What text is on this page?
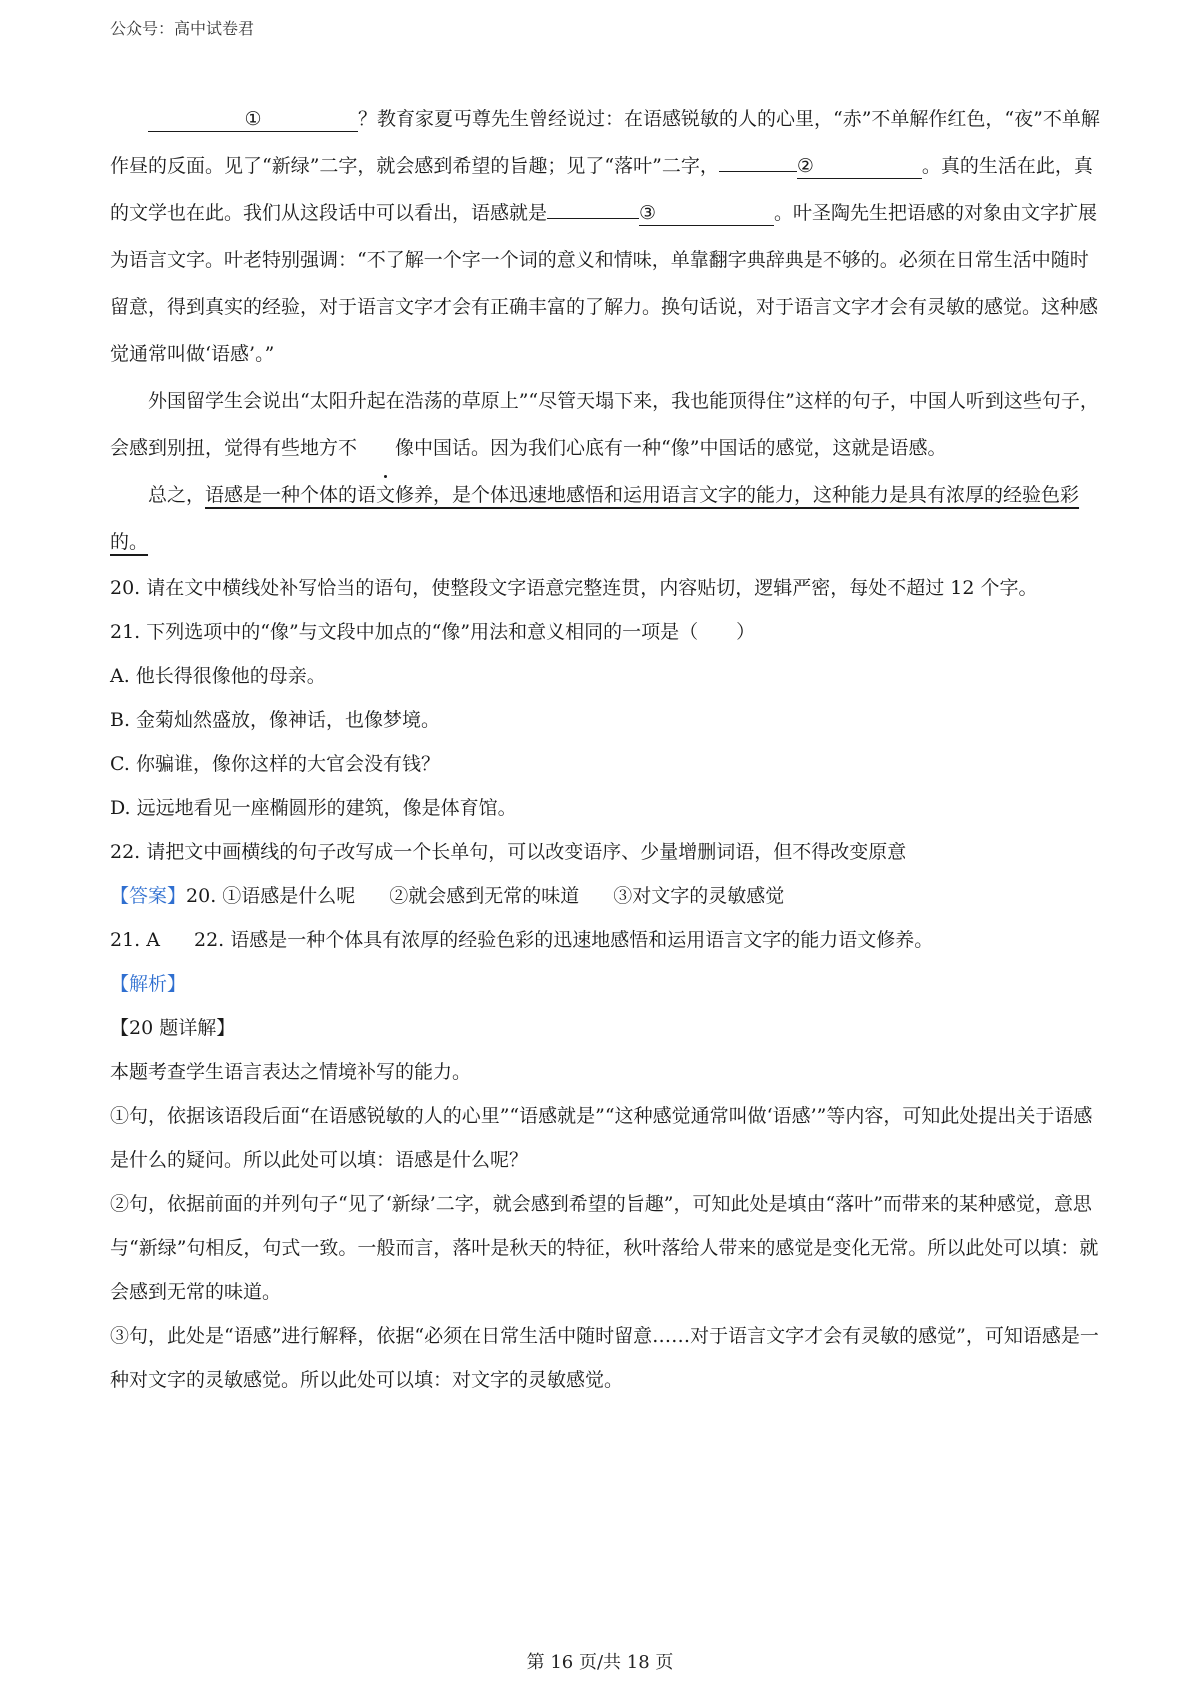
公众号：高中试卷君

①	？教育家夏丏尊先生曾经说过：在语感锐敏的人的心里，“赤”不单解作红色，“夜”不单解作昼的反面。见了“新绿”二字，就会感到希望的旨趣；见了“落叶”二字，	②	。真的生活在此，真的文学也在此。我们从这段话中可以看出，语感就是	③	。叶圣陶先生把语感的对象由文字扩展为语言文字。叶老特别强调：“不了解一个字一个词的意义和情味，单靠翻字典辞典是不够的。必须在日常生活中随时留意，得到真实的经验，对于语言文字才会有正确丰富的了解力。换句话说，对于语言文字才会有灵敏的感觉。这种感觉通常叫做‘语感’。”

外国留学生会说出“太阳升起在浩荡的草原上”“尽管天塌下来，我也能顶得住”这样的句子，中国人听到这些句子，会感到别扭，觉得有些地方不 像中国话。因为我们心底有一种“像”中国话的感觉，这就是语感。

总之，语感是一种个体的语文修养，是个体迅速地感悟和运用语言文字的能力，这种能力是具有浓厚的经验色彩的。

20. 请在文中横线处补写恰当的语句，使整段文字语意完整连贯，内容贴切，逻辑严密，每处不超过 12 个字。

21. 下列选项中的“像”与文段中加点的“像”用法和意义相同的一项是（　　）

A. 他长得很像他的母亲。

B. 金菊灿然盛放，像神话，也像梦境。

C. 你骗谁，像你这样的大官会没有钱？

D. 远远地看见一座椭圆形的建筑，像是体育馆。

22. 请把文中画横线的句子改写成一个长单句，可以改变语序、少量增删词语，但不得改变原意

【答案】20. ①语感是什么呢 ②就会感到无常的味道 ③对文字的灵敏感觉

21. A 22. 语感是一种个体具有浓厚的经验色彩的迅速地感悟和运用语言文字的能力语文修养。

【解析】

【20 题详解】

本题考查学生语言表达之情境补写的能力。

①句，依据该语段后面“在语感锐敏的人的心里”“语感就是”“这种感觉通常叫做‘语感’”等内容，可知此处提出关于语感是什么的疑问。所以此处可以填：语感是什么呢？

②句，依据前面的并列句子“见了‘新绿’二字，就会感到希望的旨趣”，可知此处是填由“落叶”而带来的某种感觉，意思与“新绿”句相反，句式一致。一般而言，落叶是秋天的特征，秋叶落给人带来的感觉是变化无常。所以此处可以填：就会感到无常的味道。

③句，此处是“语感”进行解释，依据“必须在日常生活中随时留意……对于语言文字才会有灵敏的感觉”，可知语感是一种对文字的灵敏感觉。所以此处可以填：对文字的灵敏感觉。

第 16 页/共 18 页
